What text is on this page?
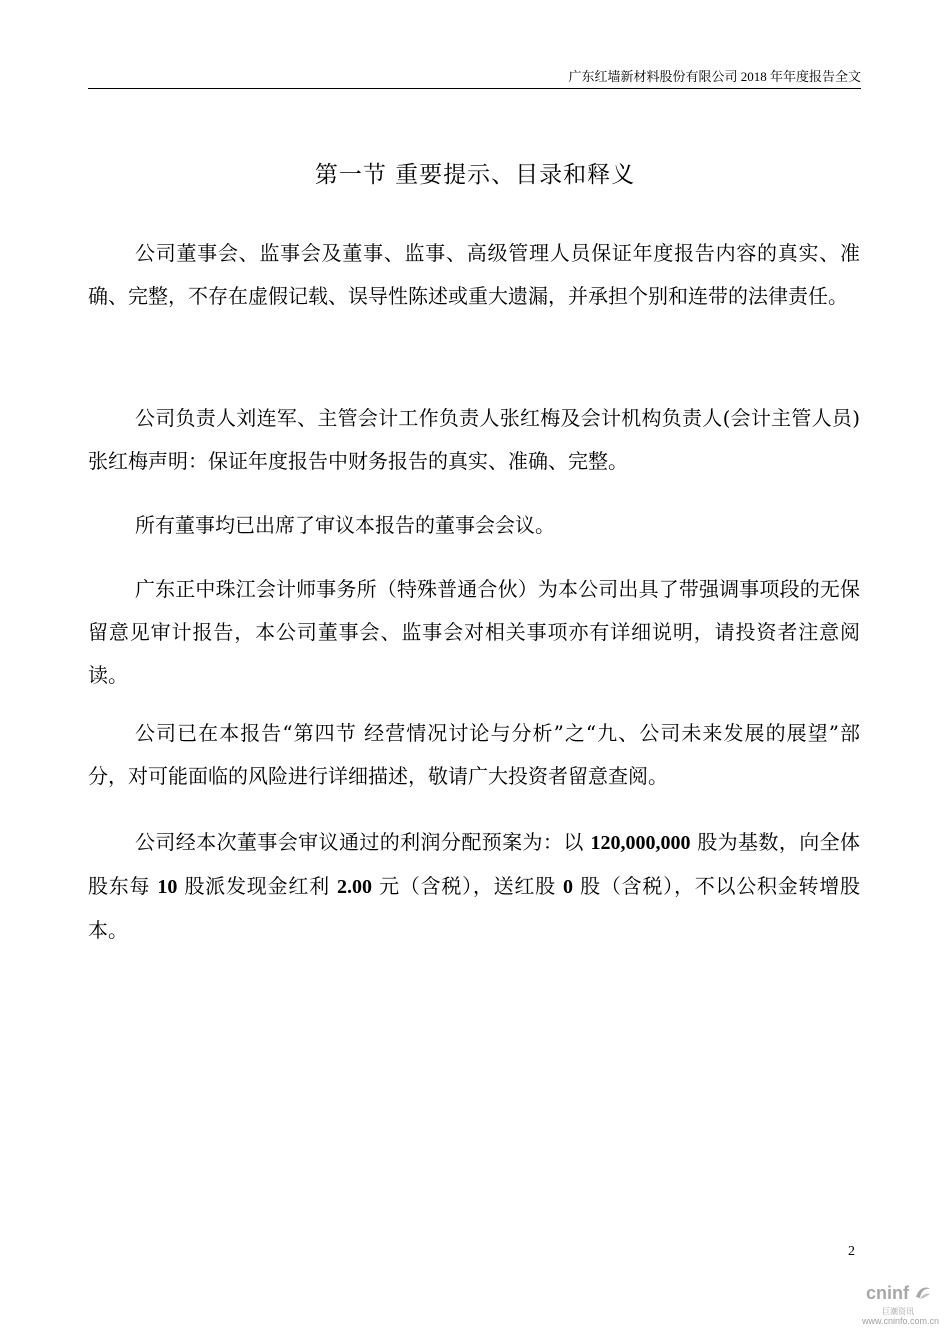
广东红墙新材料股份有限公司 2018 年年度报告全文
第一节 重要提示、目录和释义
公司董事会、监事会及董事、监事、高级管理人员保证年度报告内容的真实、准确、完整，不存在虚假记载、误导性陈述或重大遗漏，并承担个别和连带的法律责任。
公司负责人刘连军、主管会计工作负责人张红梅及会计机构负责人(会计主管人员)张红梅声明：保证年度报告中财务报告的真实、准确、完整。
所有董事均已出席了审议本报告的董事会会议。
广东正中珠江会计师事务所（特殊普通合伙）为本公司出具了带强调事项段的无保留意见审计报告，本公司董事会、监事会对相关事项亦有详细说明，请投资者注意阅读。
公司已在本报告“第四节 经营情况讨论与分析”之“九、公司未来发展的展望”部分，对可能面临的风险进行详细描述，敬请广大投资者留意查阅。
公司经本次董事会审议通过的利润分配预案为：以 120,000,000 股为基数，向全体股东每 10 股派发现金红利 2.00 元（含税），送红股 0 股（含税），不以公积金转增股本。
2
cninf
巨潮资讯
www.cninfo.com.cn
